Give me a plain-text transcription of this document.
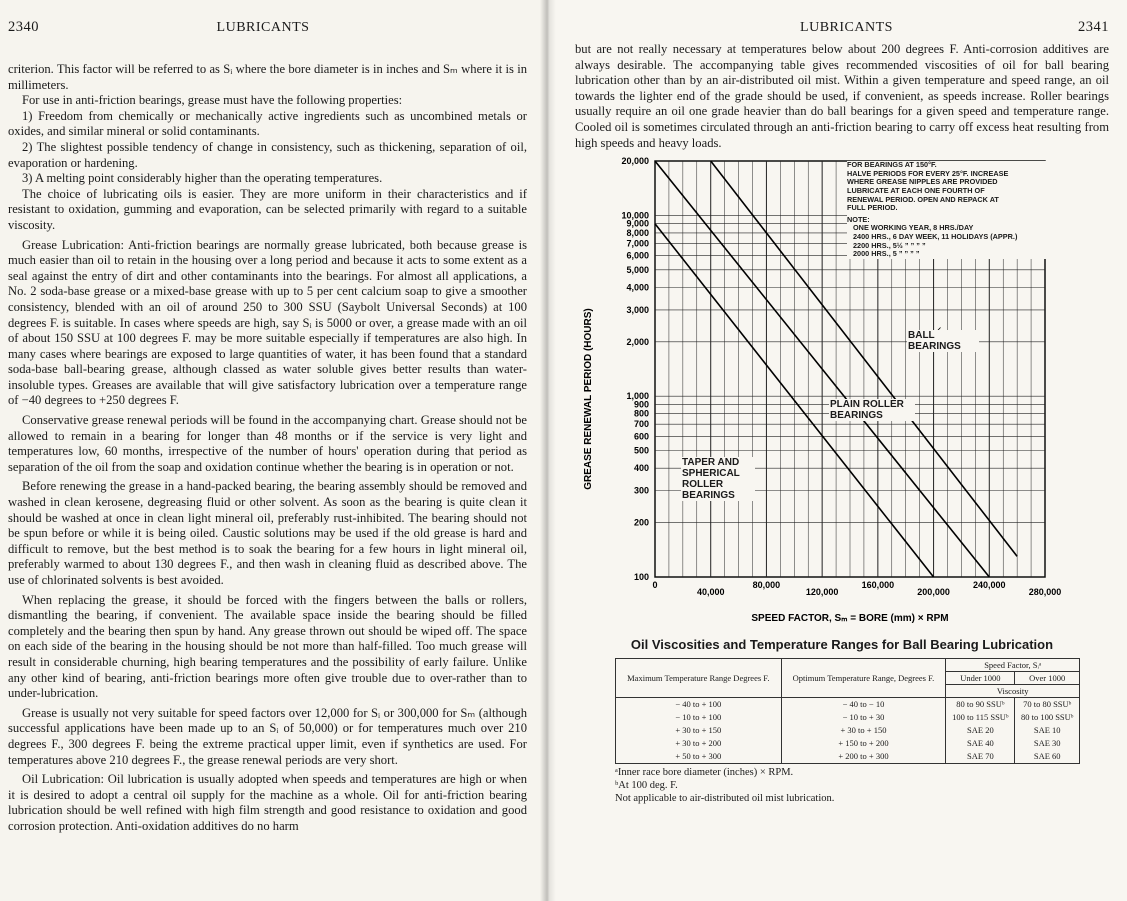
2340	LUBRICANTS

criterion. This factor will be referred to as Sᵢ where the bore diameter is in inches and Sₘ where it is in millimeters.

For use in anti-friction bearings, grease must have the following properties:

1) Freedom from chemically or mechanically active ingredients such as uncombined metals or oxides, and similar mineral or solid contaminants.

2) The slightest possible tendency of change in consistency, such as thickening, separation of oil, evaporation or hardening.

3) A melting point considerably higher than the operating temperatures.

The choice of lubricating oils is easier. They are more uniform in their characteristics and if resistant to oxidation, gumming and evaporation, can be selected primarily with regard to a suitable viscosity.

Grease Lubrication: Anti-friction bearings are normally grease lubricated, both because grease is much easier than oil to retain in the housing over a long period and because it acts to some extent as a seal against the entry of dirt and other contaminants into the bearings. For almost all applications, a No. 2 soda-base grease or a mixed-base grease with up to 5 per cent calcium soap to give a smoother consistency, blended with an oil of around 250 to 300 SSU (Saybolt Universal Seconds) at 100 degrees F. is suitable. In cases where speeds are high, say Sᵢ is 5000 or over, a grease made with an oil of about 150 SSU at 100 degrees F. may be more suitable especially if temperatures are also high. In many cases where bearings are exposed to large quantities of water, it has been found that a standard soda-base ball-bearing grease, although classed as water soluble gives better results than water-insoluble types. Greases are available that will give satisfactory lubrication over a temperature range of −40 degrees to +250 degrees F.

Conservative grease renewal periods will be found in the accompanying chart. Grease should not be allowed to remain in a bearing for longer than 48 months or if the service is very light and temperatures low, 60 months, irrespective of the number of hours' operation during that period as separation of the oil from the soap and oxidation continue whether the bearing is in operation or not.

Before renewing the grease in a hand-packed bearing, the bearing assembly should be removed and washed in clean kerosene, degreasing fluid or other solvent. As soon as the bearing is quite clean it should be washed at once in clean light mineral oil, preferably rust-inhibited. The bearing should not be spun before or while it is being oiled. Caustic solutions may be used if the old grease is hard and difficult to remove, but the best method is to soak the bearing for a few hours in light mineral oil, preferably warmed to about 130 degrees F., and then wash in cleaning fluid as described above. The use of chlorinated solvents is best avoided.

When replacing the grease, it should be forced with the fingers between the balls or rollers, dismantling the bearing, if convenient. The available space inside the bearing should be filled completely and the bearing then spun by hand. Any grease thrown out should be wiped off. The space on each side of the bearing in the housing should be not more than half-filled. Too much grease will result in considerable churning, high bearing temperatures and the possibility of early failure. Unlike any other kind of bearing, anti-friction bearings more often give trouble due to over-rather than to under-lubrication.

Grease is usually not very suitable for speed factors over 12,000 for Sᵢ or 300,000 for Sₘ (although successful applications have been made up to an Sᵢ of 50,000) or for temperatures much over 210 degrees F., 300 degrees F. being the extreme practical upper limit, even if synthetics are used. For temperatures above 210 degrees F., the grease renewal periods are very short.

Oil Lubrication: Oil lubrication is usually adopted when speeds and temperatures are high or when it is desired to adopt a central oil supply for the machine as a whole. Oil for anti-friction bearing lubrication should be well refined with high film strength and good resistance to oxidation and good corrosion protection. Anti-oxidation additives do no harm

LUBRICANTS	2341

but are not really necessary at temperatures below about 200 degrees F. Anti-corrosion additives are always desirable. The accompanying table gives recommended viscosities of oil for ball bearing lubrication other than by an air-distributed oil mist. Within a given temperature and speed range, an oil towards the lighter end of the grade should be used, if convenient, as speeds increase. Roller bearings usually require an oil one grade heavier than do ball bearings for a given speed and temperature range. Cooled oil is sometimes circulated through an anti-friction bearing to carry off excess heat resulting from high speeds and heavy loads.

100
200
300
400
500
600
700
800
900
1,000
2,000
3,000
4,000
5,000
6,000
7,000
8,000
9,000
10,000
20,000
0
40,000
80,000
120,000
160,000
200,000
240,000
280,000
SPEED FACTOR, Sₘ = BORE (mm) × RPM
GREASE RENEWAL PERIOD (HOURS)
FOR BEARINGS AT 150°F.
HALVE PERIODS FOR EVERY 25°F. INCREASE
WHERE GREASE NIPPLES ARE PROVIDED
LUBRICATE AT EACH ONE FOURTH OF
RENEWAL PERIOD. OPEN AND REPACK AT
FULL PERIOD.
NOTE:
ONE WORKING YEAR, 8 HRS./DAY
2400 HRS., 6 DAY WEEK, 11 HOLIDAYS (APPR.)
2200 HRS., 5½ ” ” ” ”
2000 HRS., 5 ” ” ” ”
BALL BEARINGS
PLAIN ROLLER BEARINGS
TAPER AND SPHERICAL ROLLER BEARINGS
Oil Viscosities and Temperature Ranges for Ball Bearing Lubrication
Maximum Temperature Range Degrees F.	Optimum Temperature Range, Degrees F.	Speed Factor, Sᵢᵃ	
		Under 1000	Over 1000
		Viscosity	
− 40 to + 100	− 40 to − 10	80 to 90 SSUᵇ	70 to 80 SSUᵇ
− 10 to + 100	− 10 to + 30	100 to 115 SSUᵇ	80 to 100 SSUᵇ
+ 30 to + 150	+ 30 to + 150	SAE 20	SAE 10
+ 30 to + 200	+ 150 to + 200	SAE 40	SAE 30
+ 50 to + 300	+ 200 to + 300	SAE 70	SAE 60
ᵃInner race bore diameter (inches) × RPM.
ᵇAt 100 deg. F.
Not applicable to air-distributed oil mist lubrication.
